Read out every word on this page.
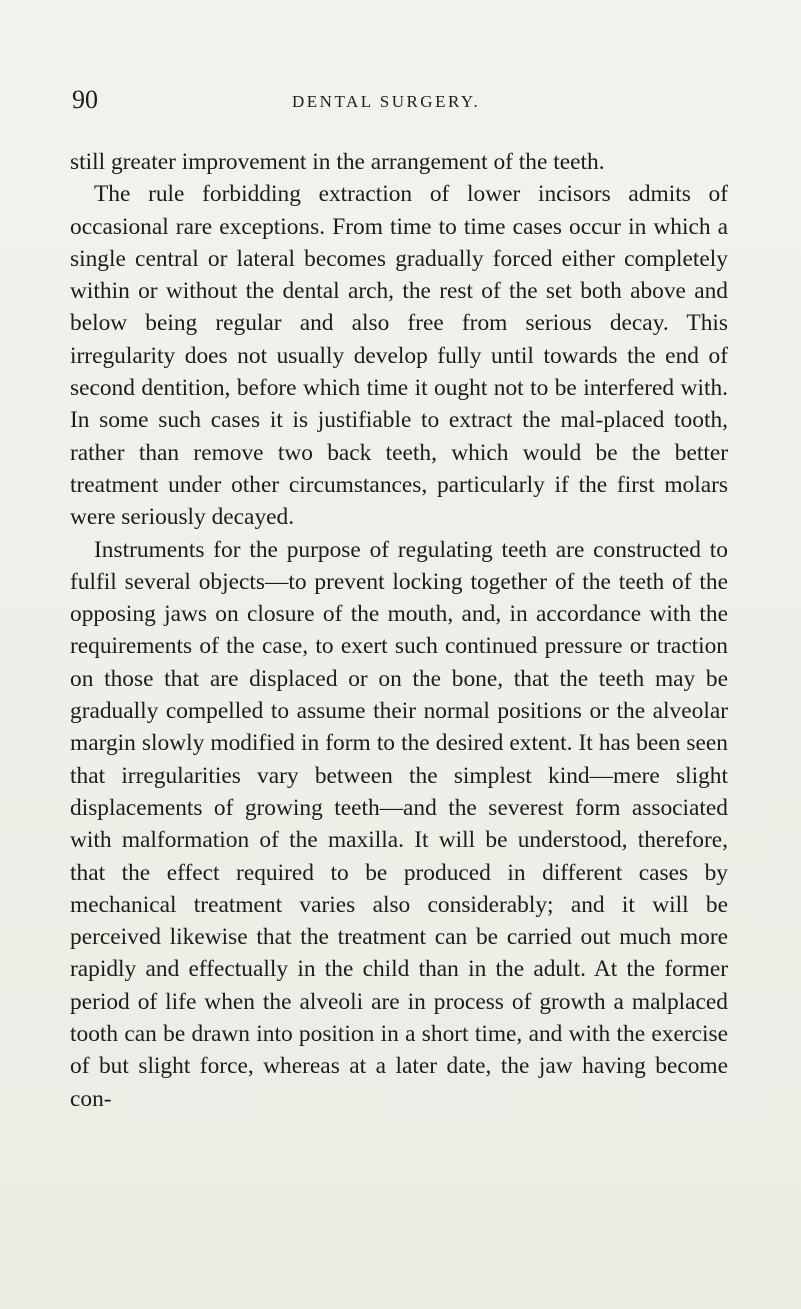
90	DENTAL SURGERY.

still greater improvement in the arrangement of the teeth.

The rule forbidding extraction of lower incisors admits of occasional rare exceptions. From time to time cases occur in which a single central or lateral becomes gradually forced either completely within or without the dental arch, the rest of the set both above and below being regular and also free from serious decay. This irregularity does not usually develop fully until towards the end of second dentition, before which time it ought not to be interfered with. In some such cases it is justifiable to extract the mal-placed tooth, rather than remove two back teeth, which would be the better treatment under other circumstances, particularly if the first molars were seriously decayed.

Instruments for the purpose of regulating teeth are constructed to fulfil several objects—to prevent locking together of the teeth of the opposing jaws on closure of the mouth, and, in accordance with the requirements of the case, to exert such continued pressure or traction on those that are displaced or on the bone, that the teeth may be gradually compelled to assume their normal positions or the alveolar margin slowly modified in form to the desired extent. It has been seen that irregularities vary between the simplest kind—mere slight displacements of growing teeth—and the severest form associated with malformation of the maxilla. It will be understood, therefore, that the effect required to be produced in different cases by mechanical treatment varies also considerably; and it will be perceived likewise that the treatment can be carried out much more rapidly and effectually in the child than in the adult. At the former period of life when the alveoli are in process of growth a malplaced tooth can be drawn into position in a short time, and with the exercise of but slight force, whereas at a later date, the jaw having become con-
